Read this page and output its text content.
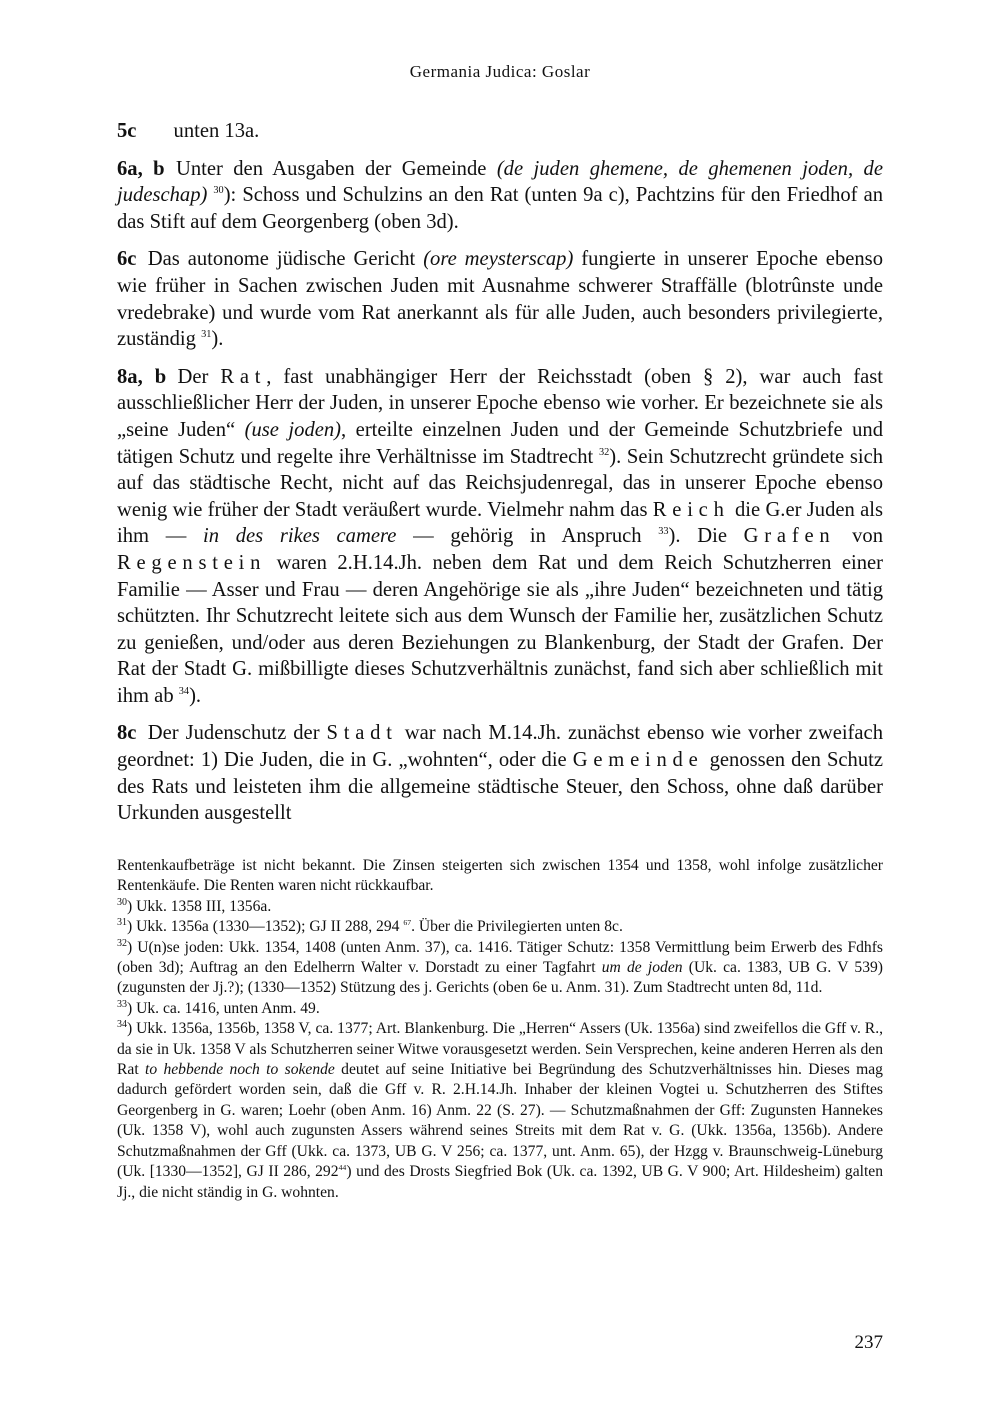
Germania Judica: Goslar

5c unten 13a.

6a, b Unter den Ausgaben der Gemeinde (de juden ghemene, de ghemenen joden, de judeschap) $^{30}$): Schoss und Schulzins an den Rat (unten 9a c), Pachtzins für den Friedhof an das Stift auf dem Georgenberg (oben 3d).

6c Das autonome jüdische Gericht (ore meysterscap) fungierte in unserer Epoche ebenso wie früher in Sachen zwischen Juden mit Ausnahme schwerer Straffälle (blotrûnste unde vredebrake) und wurde vom Rat anerkannt als für alle Juden, auch besonders privilegierte, zuständig $^{31}$).

8a, b Der Rat, fast unabhängiger Herr der Reichsstadt (oben § 2), war auch fast ausschließlicher Herr der Juden, in unserer Epoche ebenso wie vorher. Er bezeichnete sie als „seine Juden“ (use joden), erteilte einzelnen Juden und der Gemeinde Schutzbriefe und tätigen Schutz und regelte ihre Verhältnisse im Stadtrecht $^{32}$). Sein Schutzrecht gründete sich auf das städtische Recht, nicht auf das Reichsjudenregal, das in unserer Epoche ebenso wenig wie früher der Stadt veräußert wurde. Vielmehr nahm das Reich die G.er Juden als ihm — in des rikes camere — gehörig in Anspruch $^{33}$). Die Grafen von Regenstein waren 2.H.14.Jh. neben dem Rat und dem Reich Schutzherren einer Familie — Asser und Frau — deren Angehörige sie als „ihre Juden“ bezeichneten und tätig schützten. Ihr Schutzrecht leitete sich aus dem Wunsch der Familie her, zusätzlichen Schutz zu genießen, und/oder aus deren Beziehungen zu Blankenburg, der Stadt der Grafen. Der Rat der Stadt G. mißbilligte dieses Schutzverhältnis zunächst, fand sich aber schließlich mit ihm ab $^{34}$).

8c Der Judenschutz der Stadt war nach M.14.Jh. zunächst ebenso wie vorher zweifach geordnet: 1) Die Juden, die in G. „wohnten“, oder die Gemeinde genossen den Schutz des Rats und leisteten ihm die allgemeine städtische Steuer, den Schoss, ohne daß darüber Urkunden ausgestellt

Rentenkaufbeträge ist nicht bekannt. Die Zinsen steigerten sich zwischen 1354 und 1358, wohl infolge zusätzlicher Rentenkäufe. Die Renten waren nicht rückkaufbar.

$^{30}$) Ukk. 1358 III, 1356a.

$^{31}$) Ukk. 1356a (1330—1352); GJ II 288, 294 $^{67}$. Über die Privilegierten unten 8c.

$^{32}$) U(n)se joden: Ukk. 1354, 1408 (unten Anm. 37), ca. 1416. Tätiger Schutz: 1358 Vermittlung beim Erwerb des Fdhfs (oben 3d); Auftrag an den Edelherrn Walter v. Dorstadt zu einer Tagfahrt um de joden (Uk. ca. 1383, UB G. V 539) (zugunsten der Jj.?); (1330—1352) Stützung des j. Gerichts (oben 6e u. Anm. 31). Zum Stadtrecht unten 8d, 11d.

$^{33}$) Uk. ca. 1416, unten Anm. 49.

$^{34}$) Ukk. 1356a, 1356b, 1358 V, ca. 1377; Art. Blankenburg. Die „Herren“ Assers (Uk. 1356a) sind zweifellos die Gff v. R., da sie in Uk. 1358 V als Schutzherren seiner Witwe vorausgesetzt werden. Sein Versprechen, keine anderen Herren als den Rat to hebbende noch to sokende deutet auf seine Initiative bei Begründung des Schutzverhältnisses hin. Dieses mag dadurch gefördert worden sein, daß die Gff v. R. 2.H.14.Jh. Inhaber der kleinen Vogtei u. Schutzherren des Stiftes Georgenberg in G. waren; Loehr (oben Anm. 16) Anm. 22 (S. 27). — Schutzmaßnahmen der Gff: Zugunsten Hannekes (Uk. 1358 V), wohl auch zugunsten Assers während seines Streits mit dem Rat v. G. (Ukk. 1356a, 1356b). Andere Schutzmaßnahmen der Gff (Ukk. ca. 1373, UB G. V 256; ca. 1377, unt. Anm. 65), der Hzgg v. Braunschweig-Lüneburg (Uk. [1330—1352], GJ II 286, $292^{44}$) und des Drosts Siegfried Bok (Uk. ca. 1392, UB G. V 900; Art. Hildesheim) galten Jj., die nicht ständig in G. wohnten.

237
